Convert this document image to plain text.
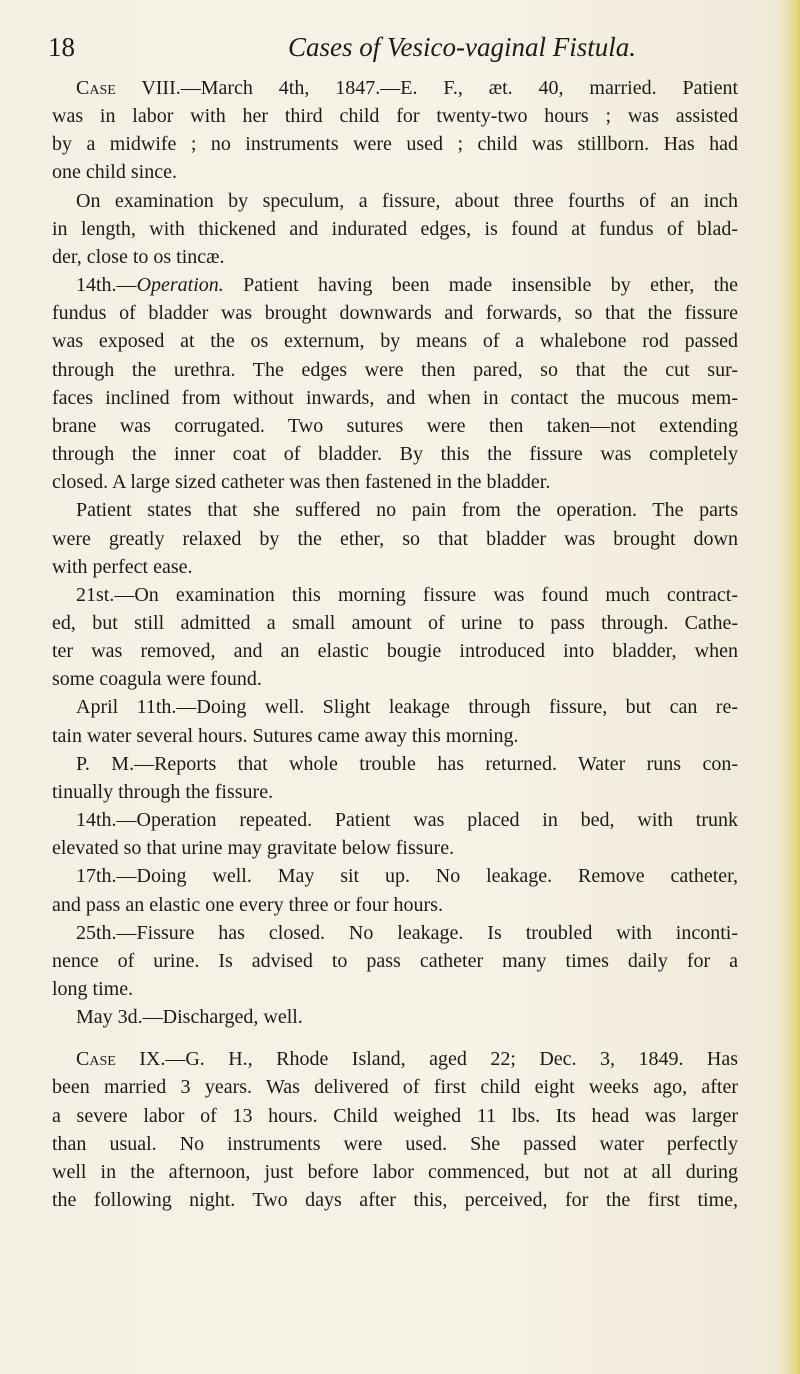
18	Cases of Vesico-vaginal Fistula.
Case VIII.—March 4th, 1847.—E. F., æt. 40, married. Patient
was in labor with her third child for twenty-two hours ; was assisted
by a midwife ; no instruments were used ; child was stillborn. Has had
one child since.
On examination by speculum, a fissure, about three fourths of an inch
in length, with thickened and indurated edges, is found at fundus of blad-
der, close to os tincæ.
14th.—Operation. Patient having been made insensible by ether, the
fundus of bladder was brought downwards and forwards, so that the fissure
was exposed at the os externum, by means of a whalebone rod passed
through the urethra. The edges were then pared, so that the cut sur-
faces inclined from without inwards, and when in contact the mucous mem-
brane was corrugated. Two sutures were then taken—not extending
through the inner coat of bladder. By this the fissure was completely
closed. A large sized catheter was then fastened in the bladder.
Patient states that she suffered no pain from the operation. The parts
were greatly relaxed by the ether, so that bladder was brought down
with perfect ease.
21st.—On examination this morning fissure was found much contract-
ed, but still admitted a small amount of urine to pass through. Cathe-
ter was removed, and an elastic bougie introduced into bladder, when
some coagula were found.
April 11th.—Doing well. Slight leakage through fissure, but can re-
tain water several hours. Sutures came away this morning.
P. M.—Reports that whole trouble has returned. Water runs con-
tinually through the fissure.
14th.—Operation repeated. Patient was placed in bed, with trunk
elevated so that urine may gravitate below fissure.
17th.—Doing well. May sit up. No leakage. Remove catheter,
and pass an elastic one every three or four hours.
25th.—Fissure has closed. No leakage. Is troubled with inconti-
nence of urine. Is advised to pass catheter many times daily for a
long time.
May 3d.—Discharged, well.
Case IX.—G. H., Rhode Island, aged 22; Dec. 3, 1849. Has
been married 3 years. Was delivered of first child eight weeks ago, after
a severe labor of 13 hours. Child weighed 11 lbs. Its head was larger
than usual. No instruments were used. She passed water perfectly
well in the afternoon, just before labor commenced, but not at all during
the following night. Two days after this, perceived, for the first time,
